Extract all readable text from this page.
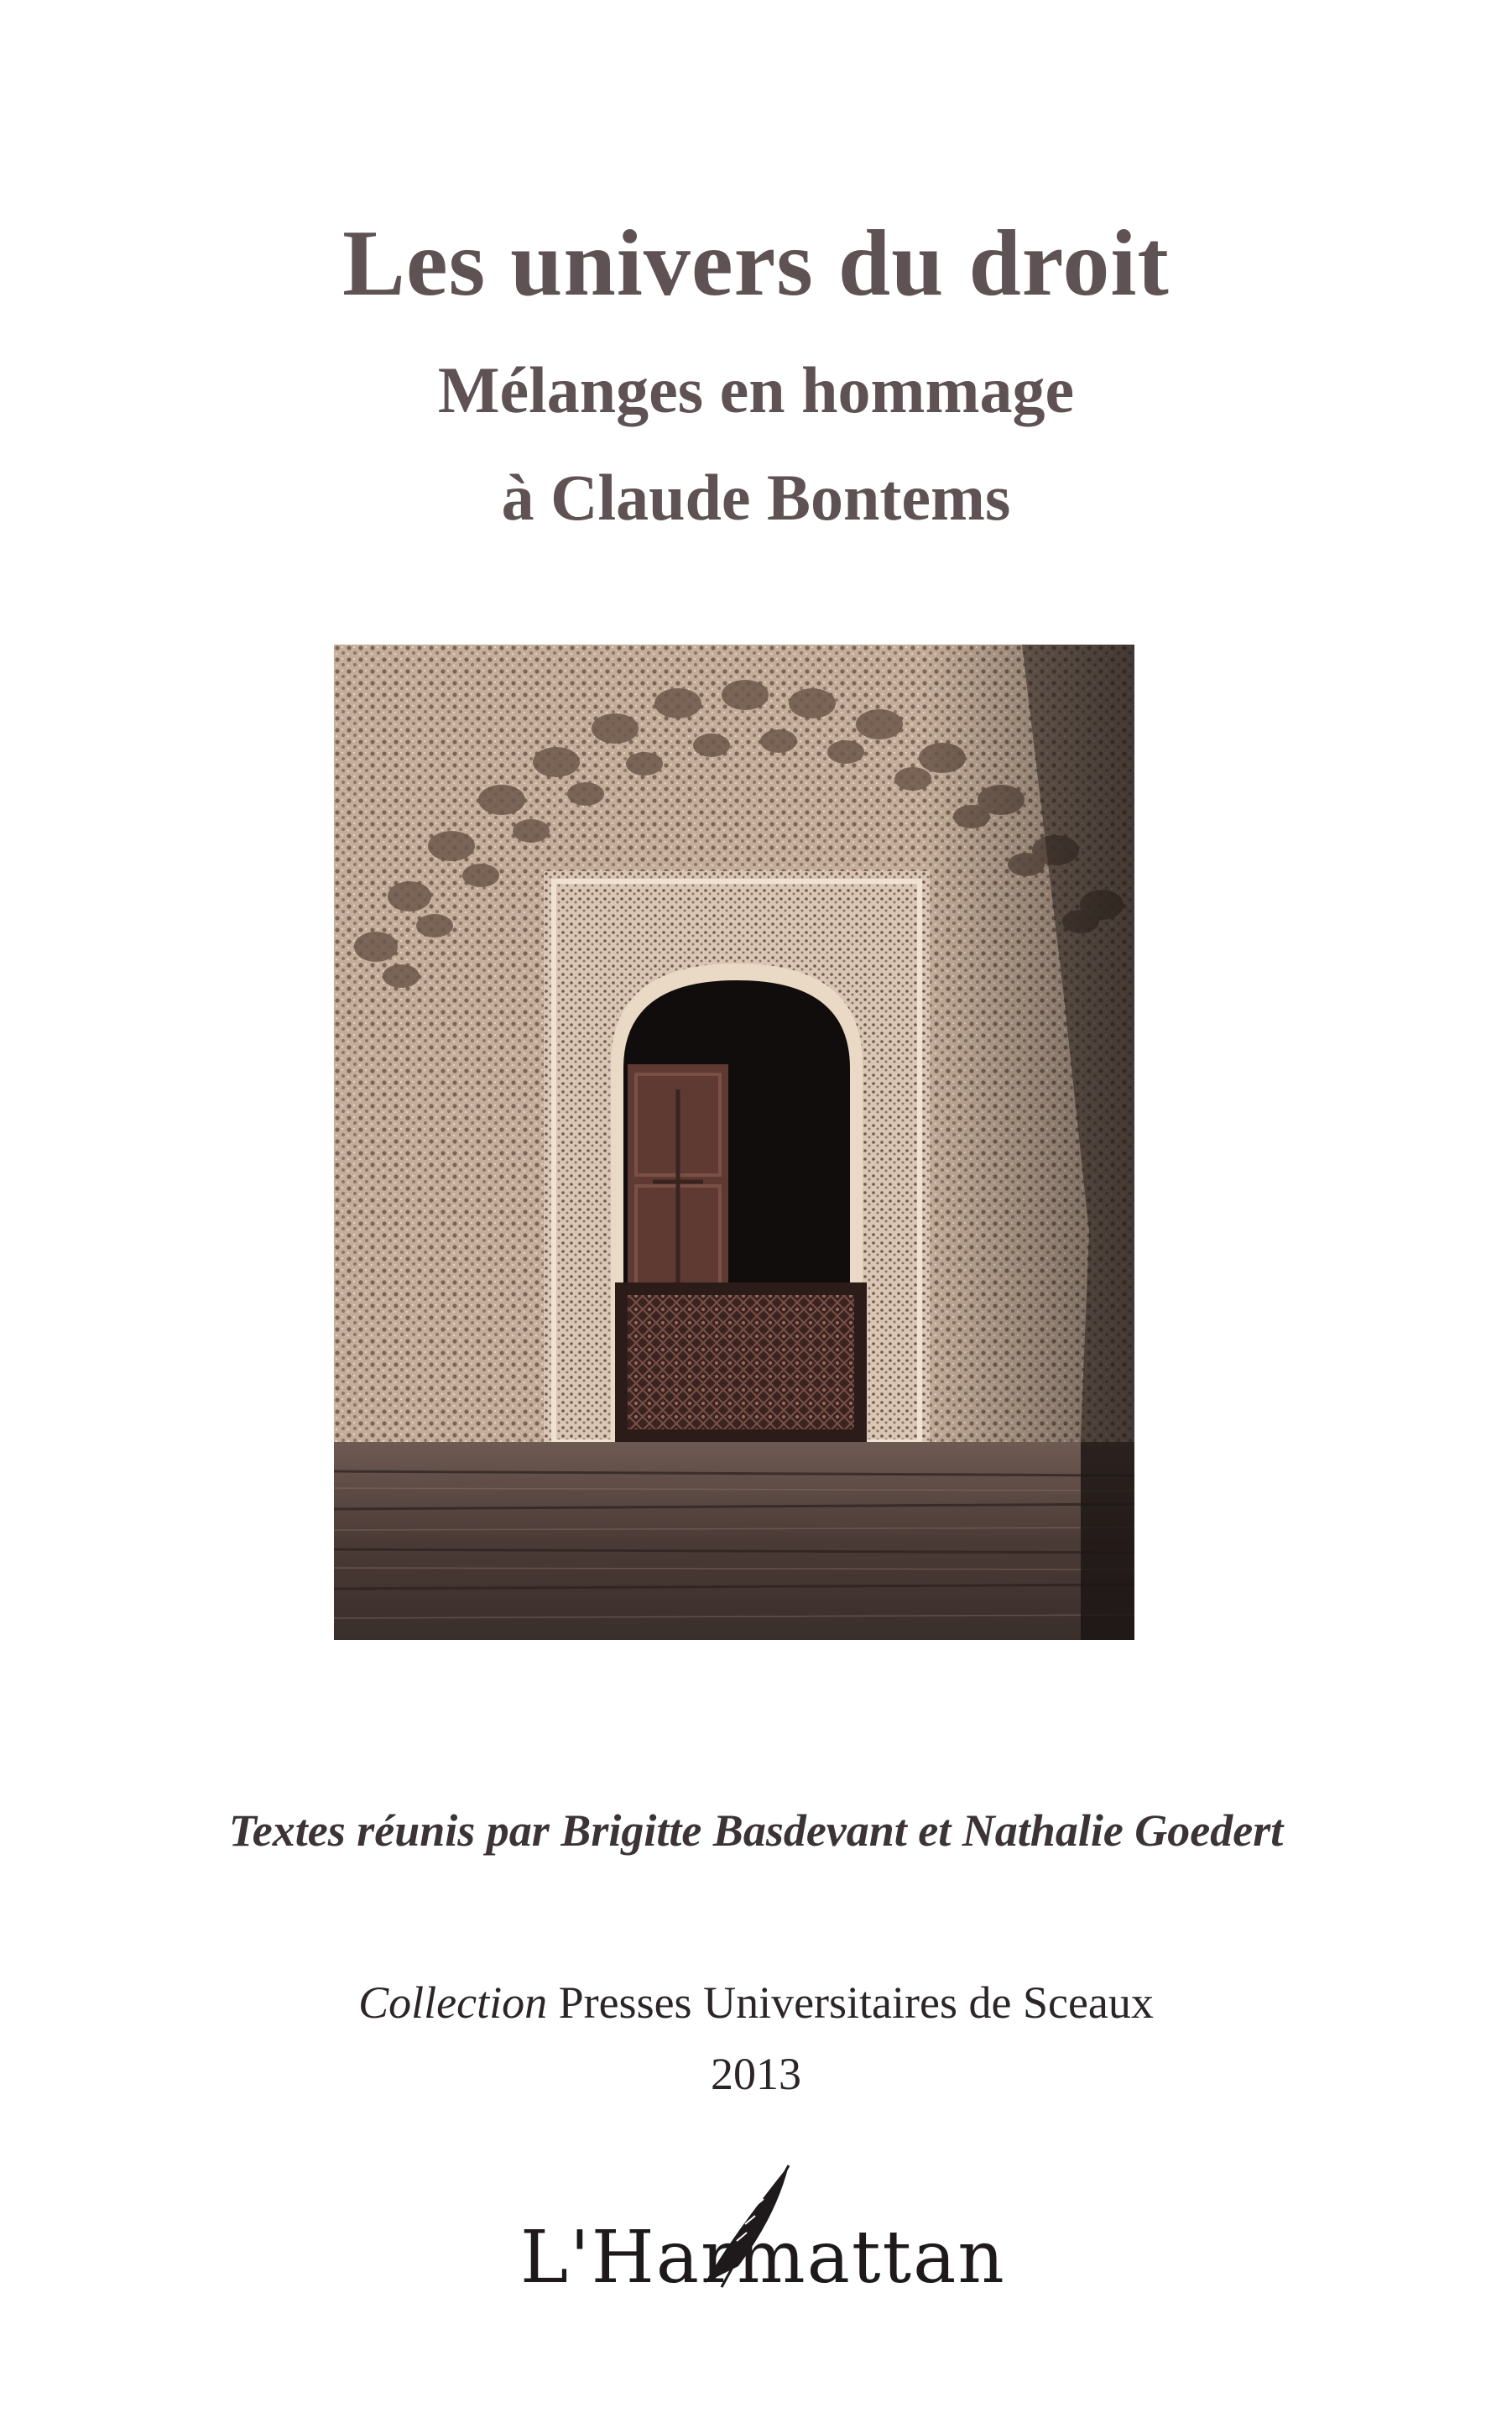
Les univers du droit
Mélanges en hommage
à Claude Bontems
Textes réunis par Brigitte Basdevant et Nathalie Goedert
Collection Presses Universitaires de Sceaux
2013
L'Harmattan
